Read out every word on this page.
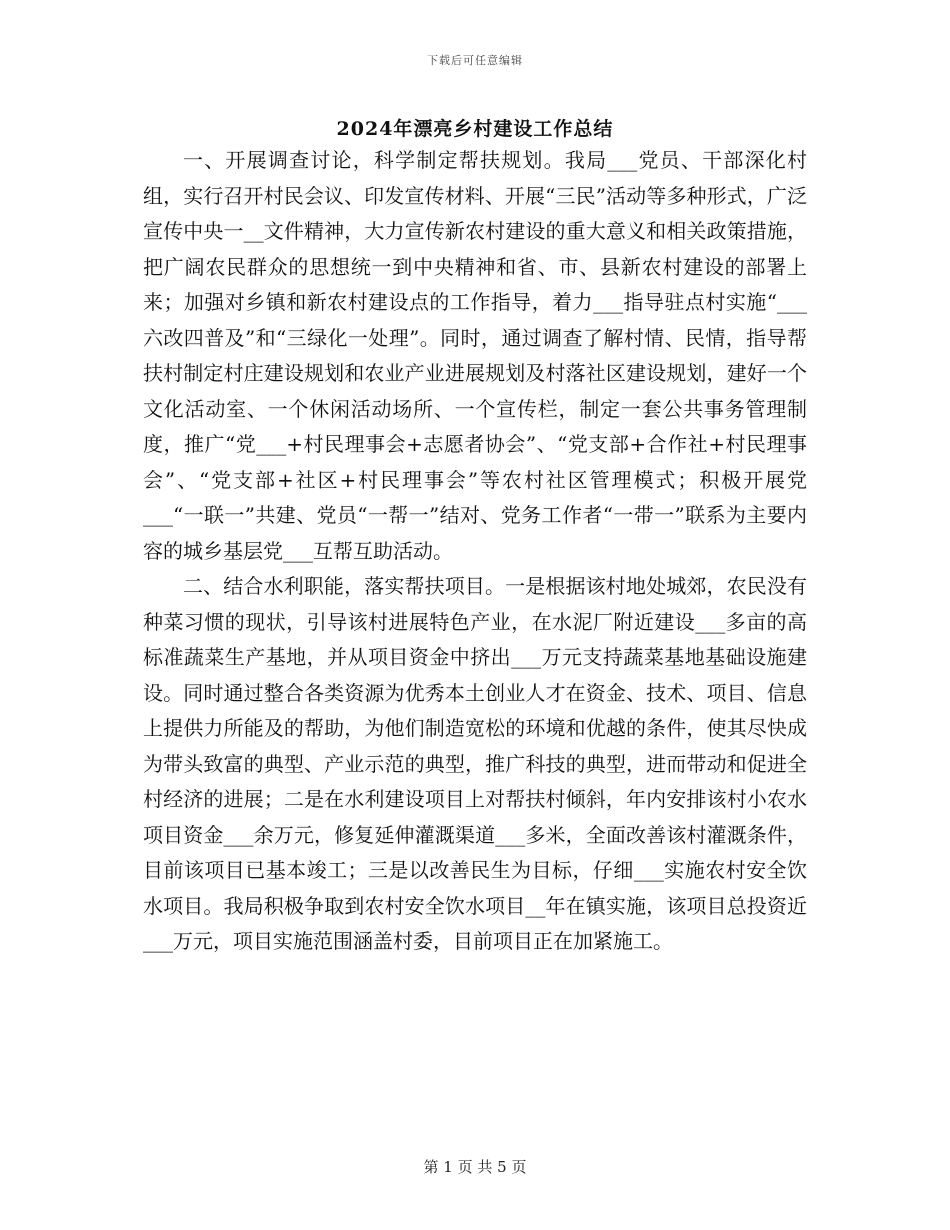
下载后可任意编辑
2024年漂亮乡村建设工作总结

一、开展调查讨论，科学制定帮扶规划。我局___党员、干部深化村组，实行召开村民会议、印发宣传材料、开展“三民”活动等多种形式，广泛宣传中央一__文件精神，大力宣传新农村建设的重大意义和相关政策措施，把广阔农民群众的思想统一到中央精神和省、市、县新农村建设的部署上来；加强对乡镇和新农村建设点的工作指导，着力___指导驻点村实施“___六改四普及”和“三绿化一处理”。同时，通过调查了解村情、民情，指导帮扶村制定村庄建设规划和农业产业进展规划及村落社区建设规划，建好一个文化活动室、一个休闲活动场所、一个宣传栏，制定一套公共事务管理制度，推广“党___+村民理事会+志愿者协会”、“党支部+合作社+村民理事会”、“党支部+社区+村民理事会”等农村社区管理模式；积极开展党___“一联一”共建、党员“一帮一”结对、党务工作者“一带一”联系为主要内容的城乡基层党___互帮互助活动。

二、结合水利职能，落实帮扶项目。一是根据该村地处城郊，农民没有种菜习惯的现状，引导该村进展特色产业，在水泥厂附近建设___多亩的高标准蔬菜生产基地，并从项目资金中挤出___万元支持蔬菜基地基础设施建设。同时通过整合各类资源为优秀本土创业人才在资金、技术、项目、信息上提供力所能及的帮助，为他们制造宽松的环境和优越的条件，使其尽快成为带头致富的典型、产业示范的典型，推广科技的典型，进而带动和促进全村经济的进展；二是在水利建设项目上对帮扶村倾斜，年内安排该村小农水项目资金___余万元，修复延伸灌溉渠道___多米，全面改善该村灌溉条件，目前该项目已基本竣工；三是以改善民生为目标，仔细___实施农村安全饮水项目。我局积极争取到农村安全饮水项目__年在镇实施，该项目总投资近___万元，项目实施范围涵盖村委，目前项目正在加紧施工。

第 1 页 共 5 页
